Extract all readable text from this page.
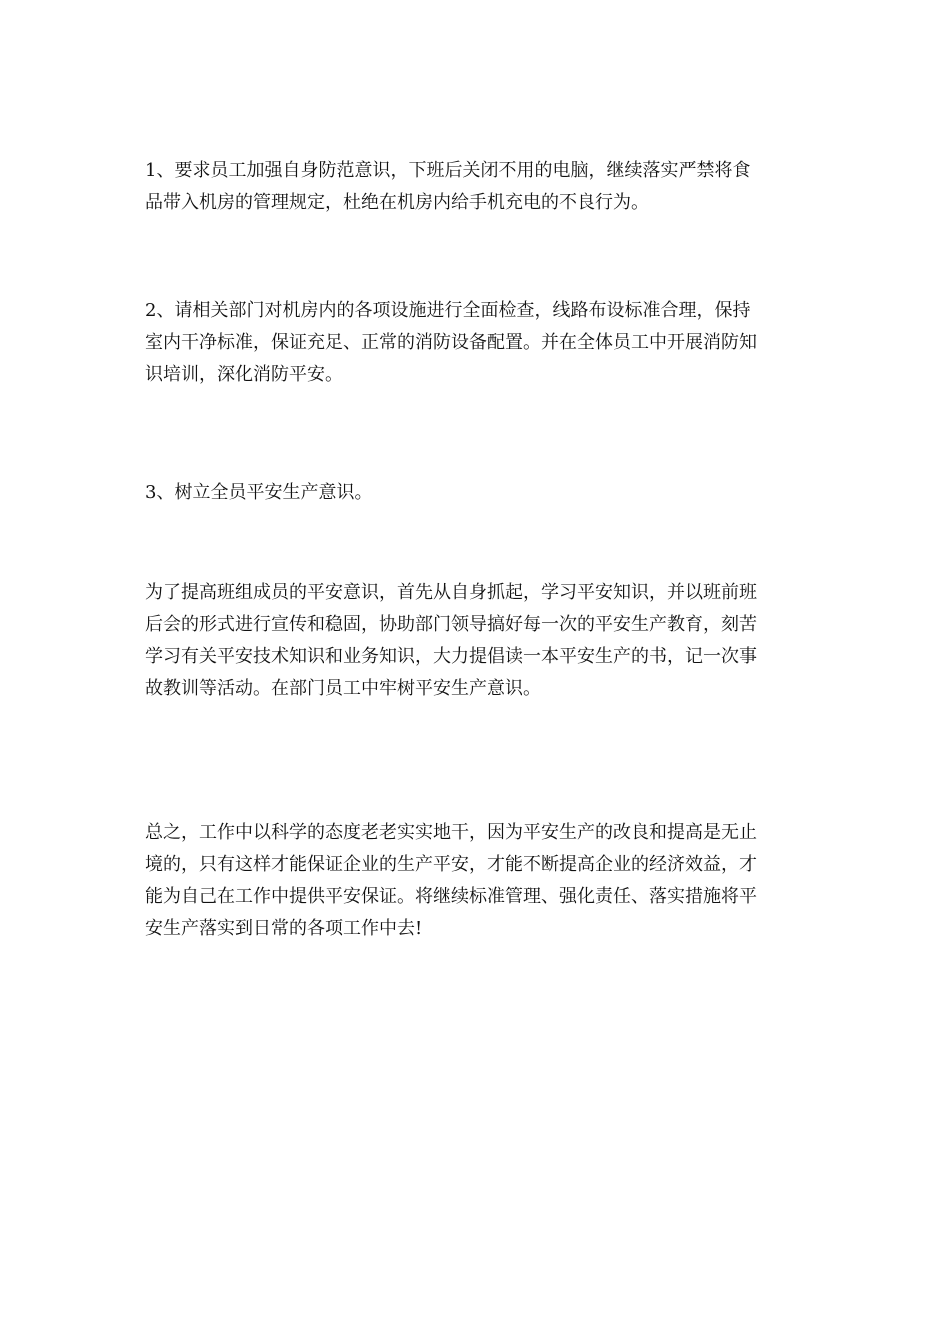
1、要求员工加强自身防范意识，下班后关闭不用的电脑，继续落实严禁将食
品带入机房的管理规定，杜绝在机房内给手机充电的不良行为。

2、请相关部门对机房内的各项设施进行全面检查，线路布设标准合理，保持
室内干净标准，保证充足、正常的消防设备配置。并在全体员工中开展消防知
识培训，深化消防平安。

3、树立全员平安生产意识。

为了提高班组成员的平安意识，首先从自身抓起，学习平安知识，并以班前班
后会的形式进行宣传和稳固，协助部门领导搞好每一次的平安生产教育，刻苦
学习有关平安技术知识和业务知识，大力提倡读一本平安生产的书，记一次事
故教训等活动。在部门员工中牢树平安生产意识。

总之，工作中以科学的态度老老实实地干，因为平安生产的改良和提高是无止
境的，只有这样才能保证企业的生产平安，才能不断提高企业的经济效益，才
能为自己在工作中提供平安保证。将继续标准管理、强化责任、落实措施将平
安生产落实到日常的各项工作中去!
